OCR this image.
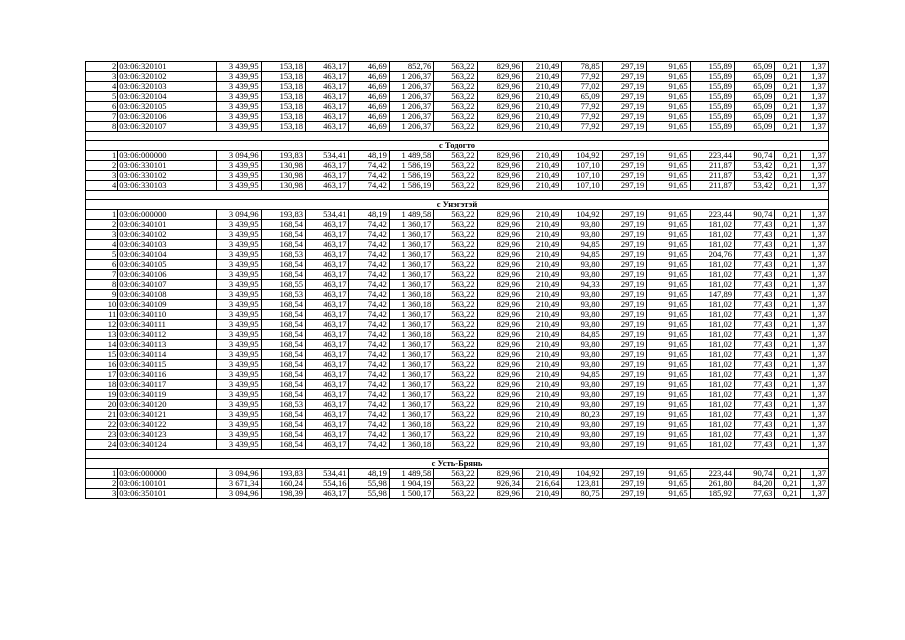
2	03:06:320101	3 439,95	153,18	463,17	46,69	852,76	563,22	829,96	210,49	78,85	297,19	91,65	155,89	65,09	0,21	1,37
3	03:06:320102	3 439,95	153,18	463,17	46,69	1 206,37	563,22	829,96	210,49	77,92	297,19	91,65	155,89	65,09	0,21	1,37
4	03:06:320103	3 439,95	153,18	463,17	46,69	1 206,37	563,22	829,96	210,49	77,02	297,19	91,65	155,89	65,09	0,21	1,37
5	03:06:320104	3 439,95	153,18	463,17	46,69	1 206,37	563,22	829,96	210,49	65,09	297,19	91,65	155,89	65,09	0,21	1,37
6	03:06:320105	3 439,95	153,18	463,17	46,69	1 206,37	563,22	829,96	210,49	77,92	297,19	91,65	155,89	65,09	0,21	1,37
7	03:06:320106	3 439,95	153,18	463,17	46,69	1 206,37	563,22	829,96	210,49	77,92	297,19	91,65	155,89	65,09	0,21	1,37
8	03:06:320107	3 439,95	153,18	463,17	46,69	1 206,37	563,22	829,96	210,49	77,92	297,19	91,65	155,89	65,09	0,21	1,37

с Тодогто																
1	03:06:000000	3 094,96	193,83	534,41	48,19	1 489,58	563,22	829,96	210,49	104,92	297,19	91,65	223,44	90,74	0,21	1,37
2	03:06:330101	3 439,95	130,98	463,17	74,42	1 586,19	563,22	829,96	210,49	107,10	297,19	91,65	211,87	53,42	0,21	1,37
3	03:06:330102	3 439,95	130,98	463,17	74,42	1 586,19	563,22	829,96	210,49	107,10	297,19	91,65	211,87	53,42	0,21	1,37
4	03:06:330103	3 439,95	130,98	463,17	74,42	1 586,19	563,22	829,96	210,49	107,10	297,19	91,65	211,87	53,42	0,21	1,37

с Унэгэтэй																
1	03:06:000000	3 094,96	193,83	534,41	48,19	1 489,58	563,22	829,96	210,49	104,92	297,19	91,65	223,44	90,74	0,21	1,37
2	03:06:340101	3 439,95	168,54	463,17	74,42	1 360,17	563,22	829,96	210,49	93,80	297,19	91,65	181,02	77,43	0,21	1,37
3	03:06:340102	3 439,95	168,54	463,17	74,42	1 360,17	563,22	829,96	210,49	93,80	297,19	91,65	181,02	77,43	0,21	1,37
4	03:06:340103	3 439,95	168,54	463,17	74,42	1 360,17	563,22	829,96	210,49	94,85	297,19	91,65	181,02	77,43	0,21	1,37
5	03:06:340104	3 439,95	168,53	463,17	74,42	1 360,17	563,22	829,96	210,49	94,85	297,19	91,65	204,76	77,43	0,21	1,37
6	03:06:340105	3 439,95	168,54	463,17	74,42	1 360,17	563,22	829,96	210,49	93,80	297,19	91,65	181,02	77,43	0,21	1,37
7	03:06:340106	3 439,95	168,54	463,17	74,42	1 360,17	563,22	829,96	210,49	93,80	297,19	91,65	181,02	77,43	0,21	1,37
8	03:06:340107	3 439,95	168,55	463,17	74,42	1 360,17	563,22	829,96	210,49	94,33	297,19	91,65	181,02	77,43	0,21	1,37
9	03:06:340108	3 439,95	168,53	463,17	74,42	1 360,18	563,22	829,96	210,49	93,80	297,19	91,65	147,89	77,43	0,21	1,37
10	03:06:340109	3 439,95	168,54	463,17	74,42	1 360,18	563,22	829,96	210,49	93,80	297,19	91,65	181,02	77,43	0,21	1,37
11	03:06:340110	3 439,95	168,54	463,17	74,42	1 360,17	563,22	829,96	210,49	93,80	297,19	91,65	181,02	77,43	0,21	1,37
12	03:06:340111	3 439,95	168,54	463,17	74,42	1 360,17	563,22	829,96	210,49	93,80	297,19	91,65	181,02	77,43	0,21	1,37
13	03:06:340112	3 439,95	168,54	463,17	74,42	1 360,18	563,22	829,96	210,49	84,85	297,19	91,65	181,02	77,43	0,21	1,37
14	03:06:340113	3 439,95	168,54	463,17	74,42	1 360,17	563,22	829,96	210,49	93,80	297,19	91,65	181,02	77,43	0,21	1,37
15	03:06:340114	3 439,95	168,54	463,17	74,42	1 360,17	563,22	829,96	210,49	93,80	297,19	91,65	181,02	77,43	0,21	1,37
16	03:06:340115	3 439,95	168,54	463,17	74,42	1 360,17	563,22	829,96	210,49	93,80	297,19	91,65	181,02	77,43	0,21	1,37
17	03:06:340116	3 439,95	168,54	463,17	74,42	1 360,17	563,22	829,96	210,49	94,85	297,19	91,65	181,02	77,43	0,21	1,37
18	03:06:340117	3 439,95	168,54	463,17	74,42	1 360,17	563,22	829,96	210,49	93,80	297,19	91,65	181,02	77,43	0,21	1,37
19	03:06:340119	3 439,95	168,54	463,17	74,42	1 360,17	563,22	829,96	210,49	93,80	297,19	91,65	181,02	77,43	0,21	1,37
20	03:06:340120	3 439,95	168,53	463,17	74,42	1 360,17	563,22	829,96	210,49	93,80	297,19	91,65	181,02	77,43	0,21	1,37
21	03:06:340121	3 439,95	168,54	463,17	74,42	1 360,17	563,22	829,96	210,49	80,23	297,19	91,65	181,02	77,43	0,21	1,37
22	03:06:340122	3 439,95	168,54	463,17	74,42	1 360,18	563,22	829,96	210,49	93,80	297,19	91,65	181,02	77,43	0,21	1,37
23	03:06:340123	3 439,95	168,54	463,17	74,42	1 360,17	563,22	829,96	210,49	93,80	297,19	91,65	181,02	77,43	0,21	1,37
24	03:06:340124	3 439,95	168,54	463,17	74,42	1 360,18	563,22	829,96	210,49	93,80	297,19	91,65	181,02	77,43	0,21	1,37

с Усть-Брянь																
1	03:06:000000	3 094,96	193,83	534,41	48,19	1 489,58	563,22	829,96	210,49	104,92	297,19	91,65	223,44	90,74	0,21	1,37
2	03:06:100101	3 671,34	160,24	554,16	55,98	1 904,19	563,22	926,34	216,64	123,81	297,19	91,65	261,80	84,20	0,21	1,37
3	03:06:350101	3 094,96	198,39	463,17	55,98	1 500,17	563,22	829,96	210,49	80,75	297,19	91,65	185,92	77,63	0,21	1,37
